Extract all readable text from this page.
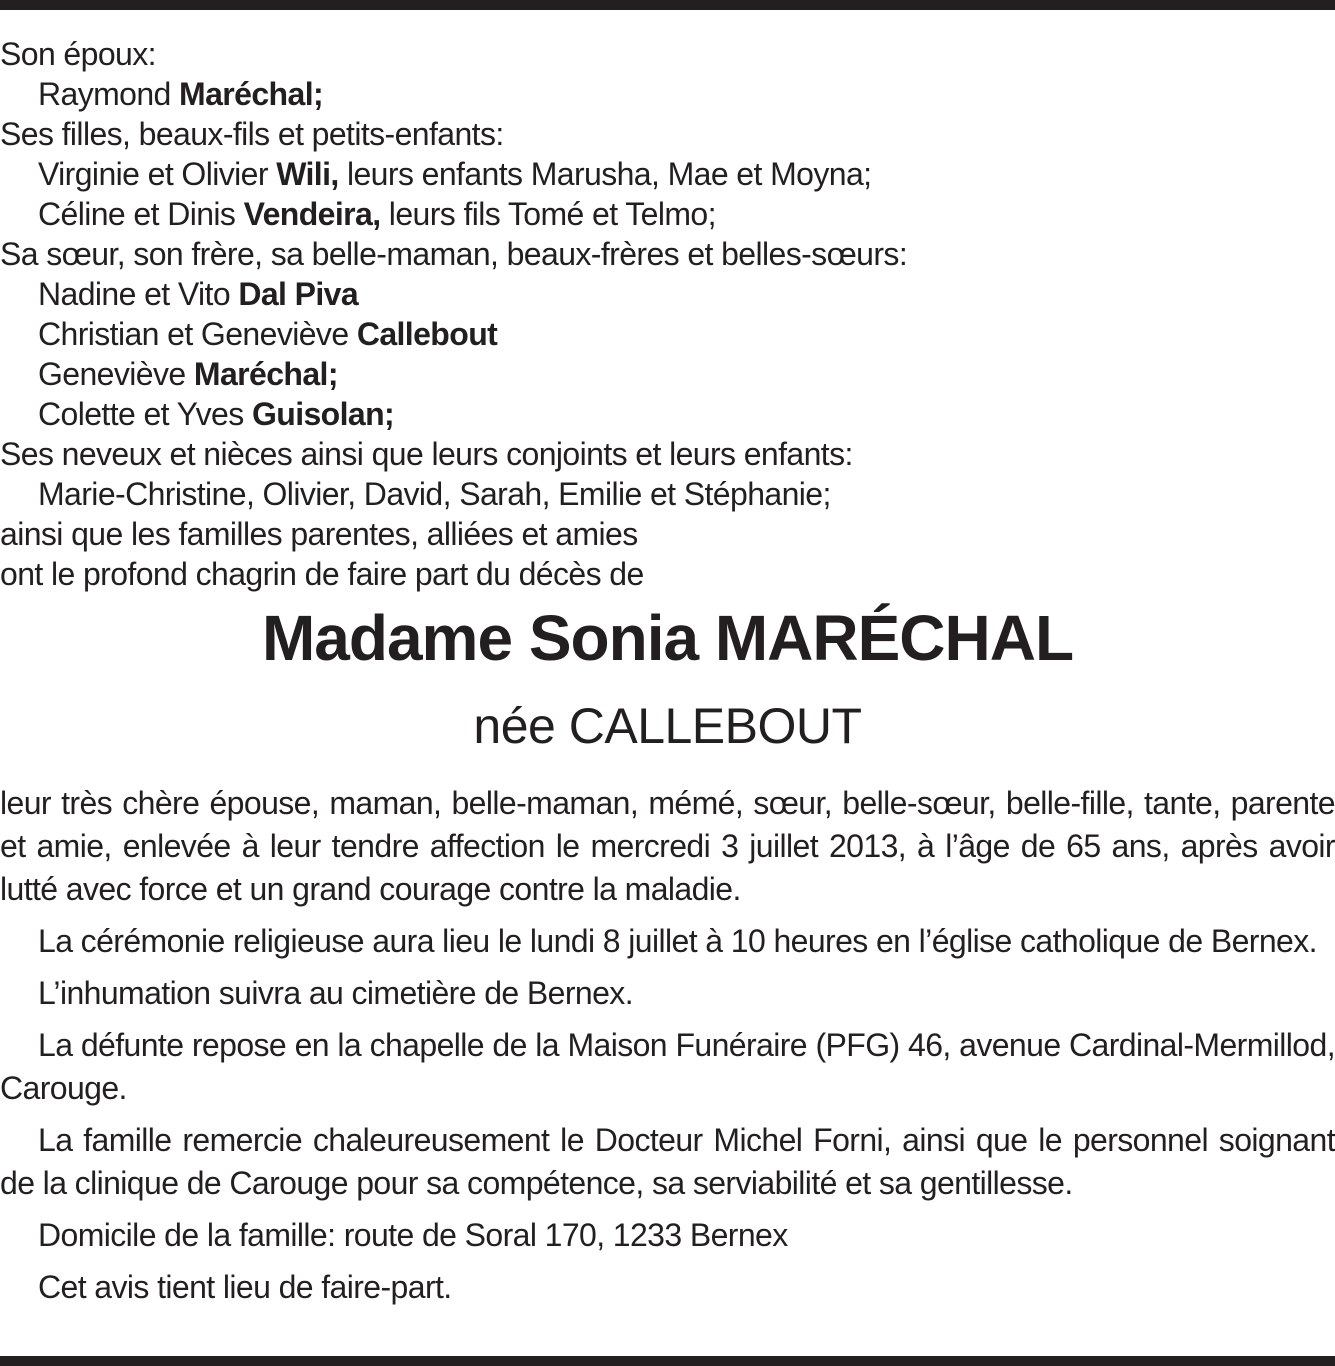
Son époux:
Raymond Maréchal;
Ses filles, beaux-fils et petits-enfants:
Virginie et Olivier Wili, leurs enfants Marusha, Mae et Moyna;
Céline et Dinis Vendeira, leurs fils Tomé et Telmo;
Sa sœur, son frère, sa belle-maman, beaux-frères et belles-sœurs:
Nadine et Vito Dal Piva
Christian et Geneviève Callebout
Geneviève Maréchal;
Colette et Yves Guisolan;
Ses neveux et nièces ainsi que leurs conjoints et leurs enfants:
Marie-Christine, Olivier, David, Sarah, Emilie et Stéphanie;
ainsi que les familles parentes, alliées et amies
ont le profond chagrin de faire part du décès de
Madame Sonia MARÉCHAL
née CALLEBOUT

leur très chère épouse, maman, belle-maman, mémé, sœur, belle-sœur, belle-fille, tante, parente et amie, enlevée à leur tendre affection le mercredi 3 juillet 2013, à l’âge de 65 ans, après avoir lutté avec force et un grand courage contre la maladie.

La cérémonie religieuse aura lieu le lundi 8 juillet à 10 heures en l’église catholique de Bernex.

L’inhumation suivra au cimetière de Bernex.

La défunte repose en la chapelle de la Maison Funéraire (PFG) 46, avenue Cardinal-Mermillod, Carouge.

La famille remercie chaleureusement le Docteur Michel Forni, ainsi que le personnel soignant de la clinique de Carouge pour sa compétence, sa serviabilité et sa gentillesse.

Domicile de la famille: route de Soral 170, 1233 Bernex

Cet avis tient lieu de faire-part.
